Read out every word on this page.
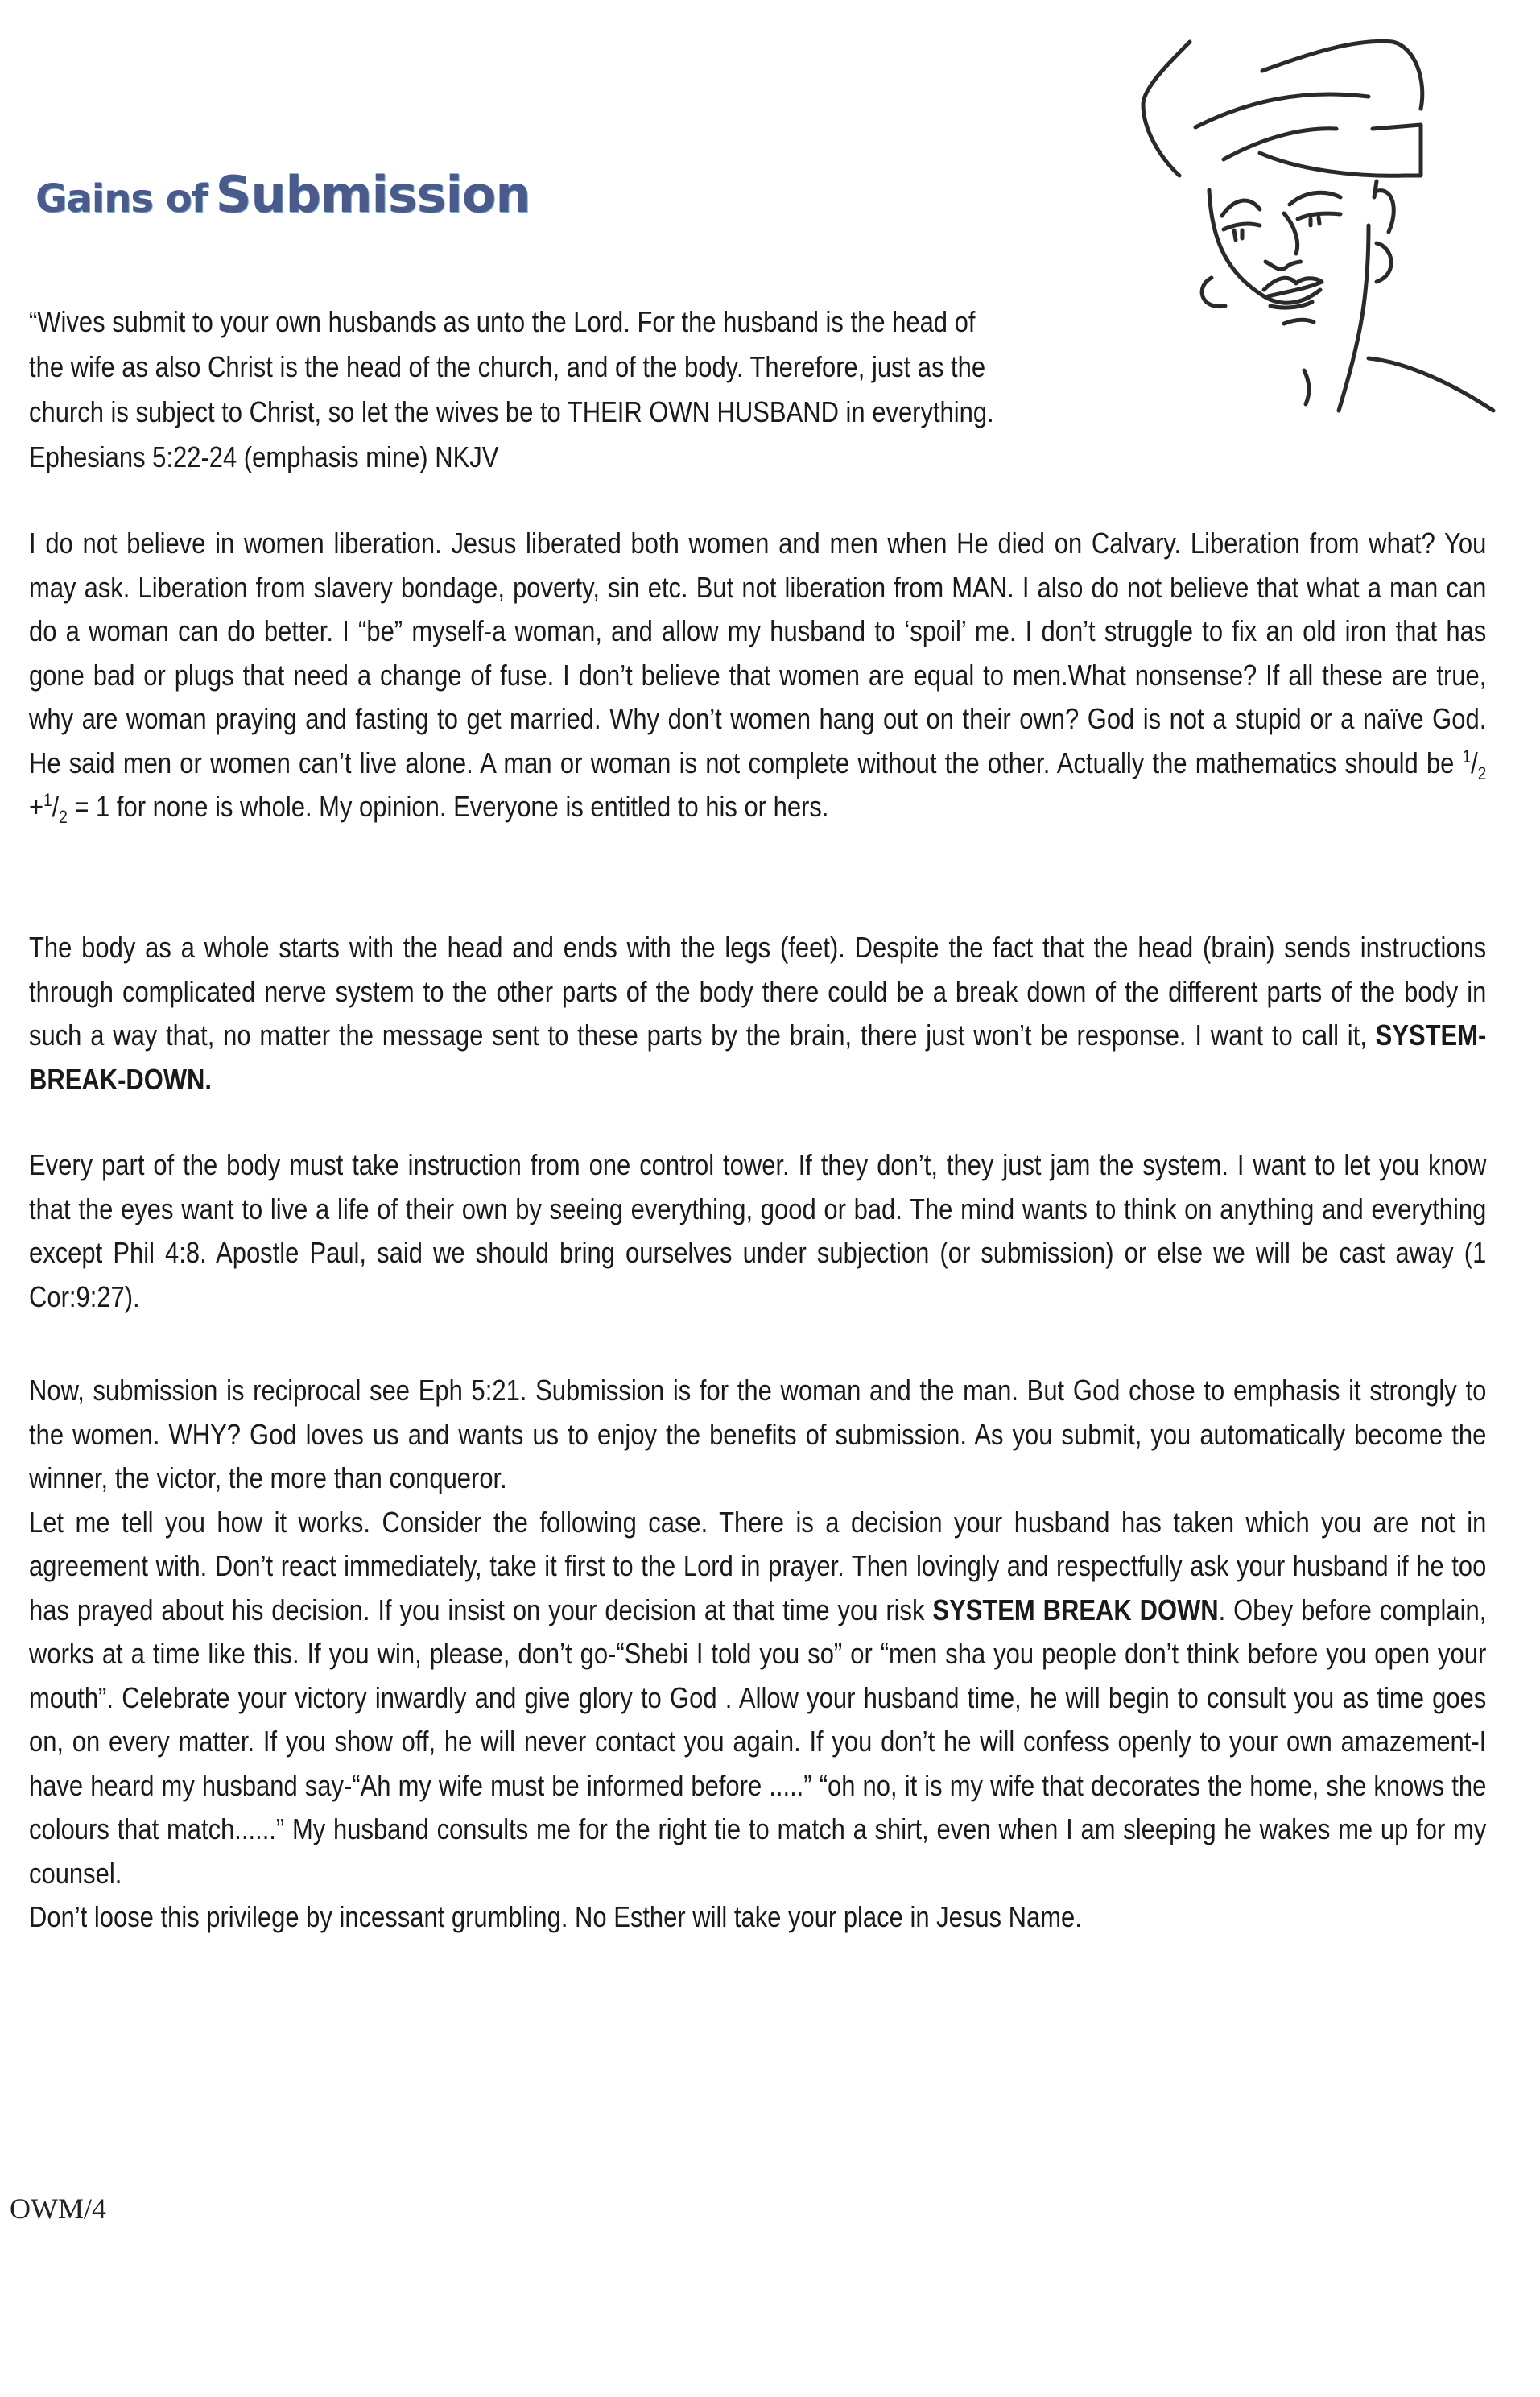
Gains of Submission
“Wives submit to your own husbands as unto the Lord. For the husband is the head of
the wife as also Christ is the head of the church, and of the body. Therefore, just as the
church is subject to Christ, so let the wives be to THEIR OWN HUSBAND in everything.
Ephesians 5:22-24 (emphasis mine) NKJV

I do not believe in women liberation. Jesus liberated both women and men when He died on Calvary. Liberation from what? You may ask. Liberation from slavery bondage, poverty, sin etc. But not liberation from MAN. I also do not believe that what a man can do a woman can do better. I “be” myself-a woman, and allow my husband to ‘spoil’ me. I don’t struggle to fix an old iron that has gone bad or plugs that need a change of fuse. I don’t believe that women are equal to men.What nonsense? If all these are true, why are woman praying and fasting to get married. Why don’t women hang out on their own? God is not a stupid or a naïve God. He said men or women can’t live alone. A man or woman is not complete without the other. Actually the mathematics should be $^1/_2 +^1/_2 = 1$ for none is whole. My opinion. Everyone is entitled to his or hers.

The body as a whole starts with the head and ends with the legs (feet). Despite the fact that the head (brain) sends instructions through complicated nerve system to the other parts of the body there could be a break down of the different parts of the body in such a way that, no matter the message sent to these parts by the brain, there just won’t be response. I want to call it, SYSTEM-BREAK-DOWN.

Every part of the body must take instruction from one control tower. If they don’t, they just jam the system. I want to let you know that the eyes want to live a life of their own by seeing everything, good or bad. The mind wants to think on anything and everything except Phil 4:8. Apostle Paul, said we should bring ourselves under subjection (or submission) or else we will be cast away (1 Cor:9:27).

Now, submission is reciprocal see Eph 5:21. Submission is for the woman and the man. But God chose to emphasis it strongly to the women. WHY? God loves us and wants us to enjoy the benefits of submission. As you submit, you automatically become the winner, the victor, the more than conqueror.
Let me tell you how it works. Consider the following case. There is a decision your husband has taken which you are not in agreement with. Don’t react immediately, take it first to the Lord in prayer. Then lovingly and respectfully ask your husband if he too has prayed about his decision. If you insist on your decision at that time you risk SYSTEM BREAK DOWN. Obey before complain, works at a time like this. If you win, please, don’t go-“Shebi I told you so” or “men sha you people don’t think before you open your mouth”. Celebrate your victory inwardly and give glory to God . Allow your husband time, he will begin to consult you as time goes on, on every matter. If you show off, he will never contact you again. If you don’t he will confess openly to your own amazement-I have heard my husband say-“Ah my wife must be informed before .....” “oh no, it is my wife that decorates the home, she knows the colours that match......” My husband consults me for the right tie to match a shirt, even when I am sleeping he wakes me up for my counsel.
Don’t loose this privilege by incessant grumbling. No Esther will take your place in Jesus Name.

OWM/4
